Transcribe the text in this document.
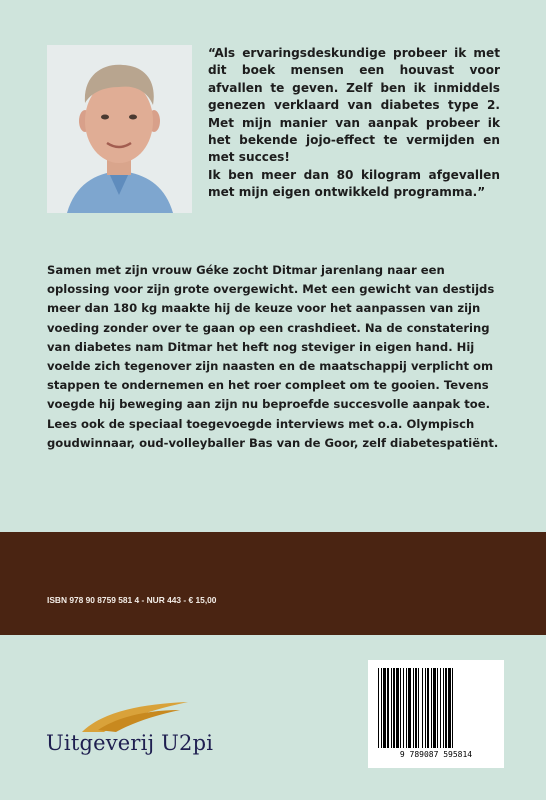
“Als ervaringsdeskundige probeer ik met dit boek mensen een houvast voor afvallen te geven. Zelf ben ik inmiddels genezen verklaard van diabetes type 2. Met mijn manier van aanpak probeer ik het bekende jojo-effect te vermijden en met succes!

Ik ben meer dan 80 kilogram afgevallen met mijn eigen ontwikkeld programma.”

Samen met zijn vrouw Géke zocht Ditmar jarenlang naar een oplossing voor zijn grote overgewicht. Met een gewicht van destijds meer dan 180 kg maakte hij de keuze voor het aanpassen van zijn voeding zonder over te gaan op een crashdieet. Na de constatering van diabetes nam Ditmar het heft nog steviger in eigen hand. Hij voelde zich tegenover zijn naasten en de maatschappij verplicht om stappen te ondernemen en het roer compleet om te gooien. Tevens voegde hij beweging aan zijn nu beproefde succesvolle aanpak toe. Lees ook de speciaal toegevoegde interviews met o.a. Olympisch goudwinnaar, oud-volleyballer Bas van de Goor, zelf diabetespatiënt.

ISBN 978 90 8759 581 4 - NUR 443 - € 15,00
Uitgeverij U2pi	9 789087 595814
